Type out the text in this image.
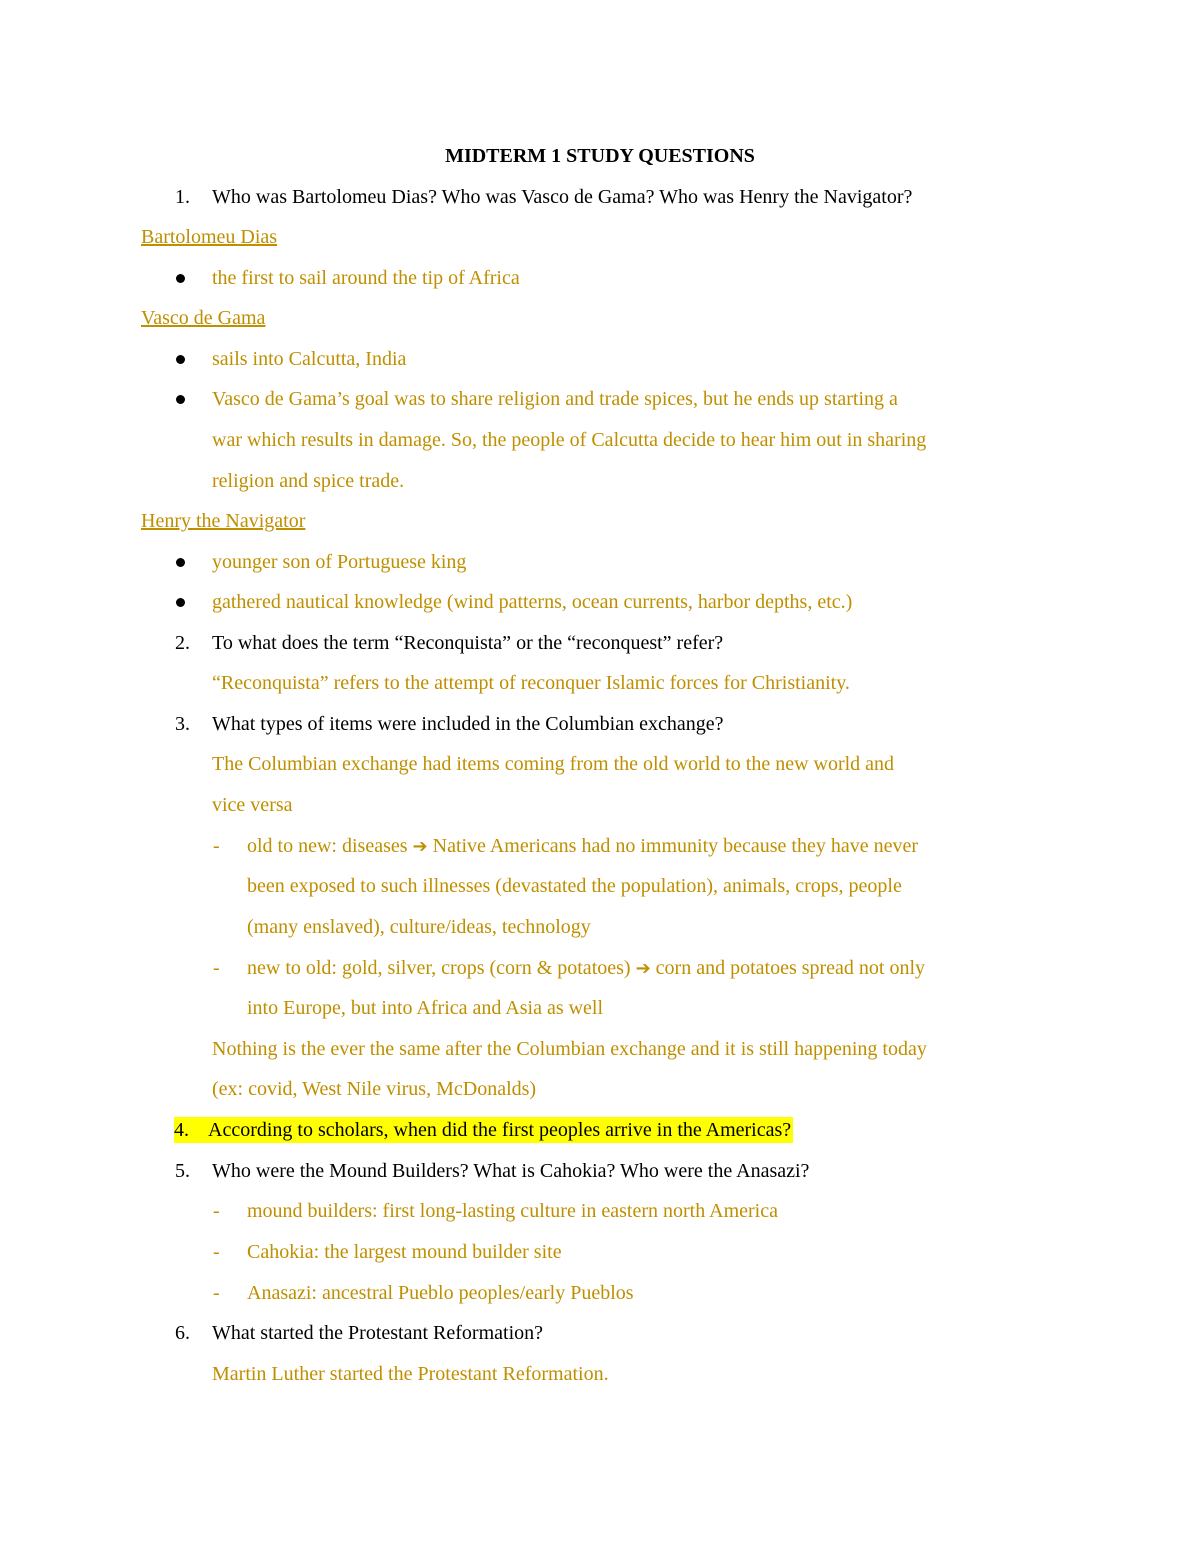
MIDTERM 1 STUDY QUESTIONS
1. Who was Bartolomeu Dias? Who was Vasco de Gama? Who was Henry the Navigator?
Bartolomeu Dias
the first to sail around the tip of Africa
Vasco de Gama
sails into Calcutta, India
Vasco de Gama’s goal was to share religion and trade spices, but he ends up starting a
war which results in damage. So, the people of Calcutta decide to hear him out in sharing
religion and spice trade.
Henry the Navigator
younger son of Portuguese king
gathered nautical knowledge (wind patterns, ocean currents, harbor depths, etc.)
2. To what does the term “Reconquista” or the “reconquest” refer?
“Reconquista” refers to the attempt of reconquer Islamic forces for Christianity.
3. What types of items were included in the Columbian exchange?
The Columbian exchange had items coming from the old world to the new world and
vice versa
- old to new: diseases ➔ Native Americans had no immunity because they have never
been exposed to such illnesses (devastated the population), animals, crops, people
(many enslaved), culture/ideas, technology
- new to old: gold, silver, crops (corn & potatoes) ➔ corn and potatoes spread not only
into Europe, but into Africa and Asia as well
Nothing is the ever the same after the Columbian exchange and it is still happening today
(ex: covid, West Nile virus, McDonalds)
4. According to scholars, when did the first peoples arrive in the Americas?
5. Who were the Mound Builders? What is Cahokia? Who were the Anasazi?
- mound builders: first long-lasting culture in eastern north America
- Cahokia: the largest mound builder site
- Anasazi: ancestral Pueblo peoples/early Pueblos
6. What started the Protestant Reformation?
Martin Luther started the Protestant Reformation.
